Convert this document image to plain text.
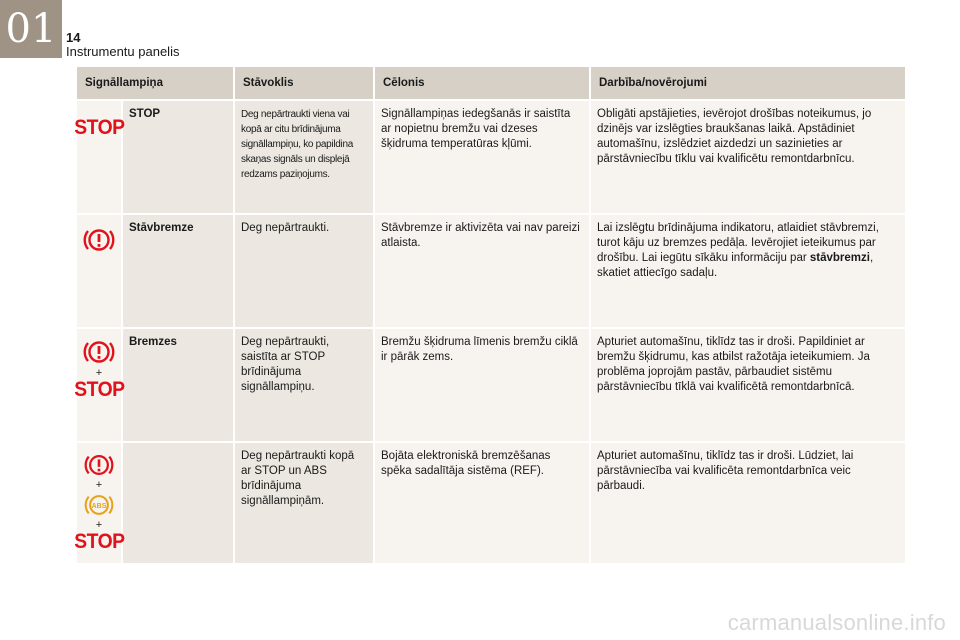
01 14
Instrumentu panelis
Signāllampiņa		Stāvoklis	Cēlonis	Darbība/novērojumi

STOP	STOP	Deg nepārtraukti viena vai kopā ar citu brīdinājuma signāllampiņu, ko papildina skaņas signāls un displejā redzams paziņojums.	Signāllampiņas iedegšanās ir saistīta ar nopietnu bremžu vai dzeses šķidruma temperatūras kļūmi.	Obligāti apstājieties, ievērojot drošības noteikumus, jo dzinējs var izslēgties braukšanas laikā. Apstādiniet automašīnu, izslēdziet aizdedzi un sazinieties ar pārstāvniecību tīklu vai kvalificētu remontdarbnīcu.

	Stāvbremze	Deg nepārtraukti.	Stāvbremze ir aktivizēta vai nav pareizi atlaista.	Lai izslēgtu brīdinājuma indikatoru, atlaidiet stāvbremzi, turot kāju uz bremzes pedāļa. Ievērojiet ieteikumus par drošību. Lai iegūtu sīkāku informāciju par stāvbremzi, skatiet attiecīgo sadaļu.

+
STOP	Bremzes	Deg nepārtraukti, saistīta ar STOP brīdinājuma signāllampiņu.	Bremžu šķidruma līmenis bremžu ciklā ir pārāk zems.	Apturiet automašīnu, tiklīdz tas ir droši. Papildiniet ar bremžu šķidrumu, kas atbilst ražotāja ieteikumiem. Ja problēma joprojām pastāv, pārbaudiet sistēmu pārstāvniecību tīklā vai kvalificētā remontdarbnīcā.

+
ABS
+
STOP		Deg nepārtraukti kopā ar STOP un ABS brīdinājuma signāllampiņām.	Bojāta elektroniskā bremzēšanas spēka sadalītāja sistēma (REF).	Apturiet automašīnu, tiklīdz tas ir droši. Lūdziet, lai pārstāvniecība vai kvalificēta remontdarbnīca veic pārbaudi.
carmanualsonline.info
